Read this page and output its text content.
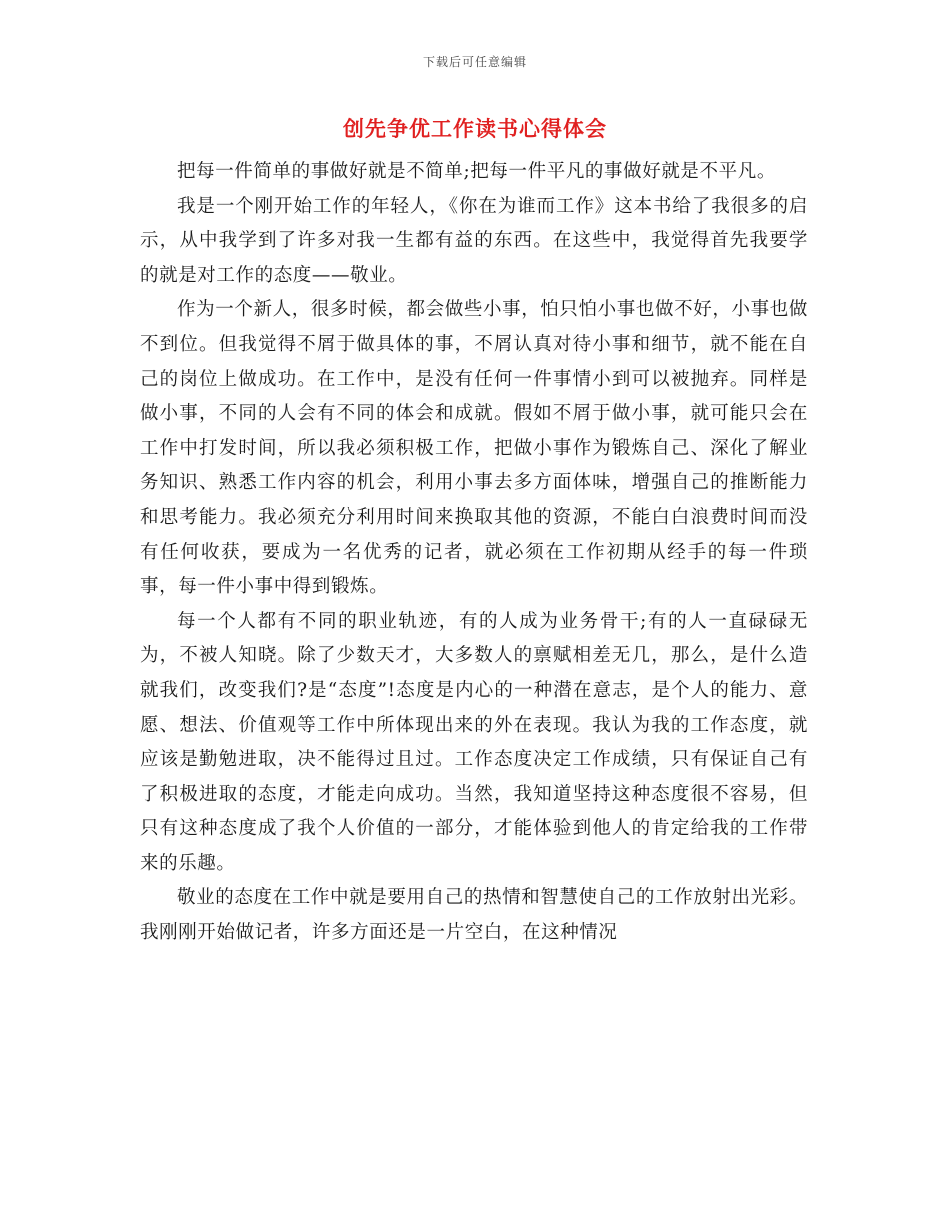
下载后可任意编辑
创先争优工作读书心得体会

把每一件简单的事做好就是不简单;把每一件平凡的事做好就是不平凡。

我是一个刚开始工作的年轻人，《你在为谁而工作》这本书给了我很多的启示，从中我学到了许多对我一生都有益的东西。在这些中，我觉得首先我要学的就是对工作的态度——敬业。

作为一个新人，很多时候，都会做些小事，怕只怕小事也做不好，小事也做不到位。但我觉得不屑于做具体的事，不屑认真对待小事和细节，就不能在自己的岗位上做成功。在工作中，是没有任何一件事情小到可以被抛弃。同样是做小事，不同的人会有不同的体会和成就。假如不屑于做小事，就可能只会在工作中打发时间，所以我必须积极工作，把做小事作为锻炼自己、深化了解业务知识、熟悉工作内容的机会，利用小事去多方面体味，增强自己的推断能力和思考能力。我必须充分利用时间来换取其他的资源，不能白白浪费时间而没有任何收获，要成为一名优秀的记者，就必须在工作初期从经手的每一件琐事，每一件小事中得到锻炼。

每一个人都有不同的职业轨迹，有的人成为业务骨干;有的人一直碌碌无为，不被人知晓。除了少数天才，大多数人的禀赋相差无几，那么，是什么造就我们，改变我们?是“态度”!态度是内心的一种潜在意志，是个人的能力、意愿、想法、价值观等工作中所体现出来的外在表现。我认为我的工作态度，就应该是勤勉进取，决不能得过且过。工作态度决定工作成绩，只有保证自己有了积极进取的态度，才能走向成功。当然，我知道坚持这种态度很不容易，但只有这种态度成了我个人价值的一部分，才能体验到他人的肯定给我的工作带来的乐趣。

敬业的态度在工作中就是要用自己的热情和智慧使自己的工作放射出光彩。我刚刚开始做记者，许多方面还是一片空白，在这种情况
